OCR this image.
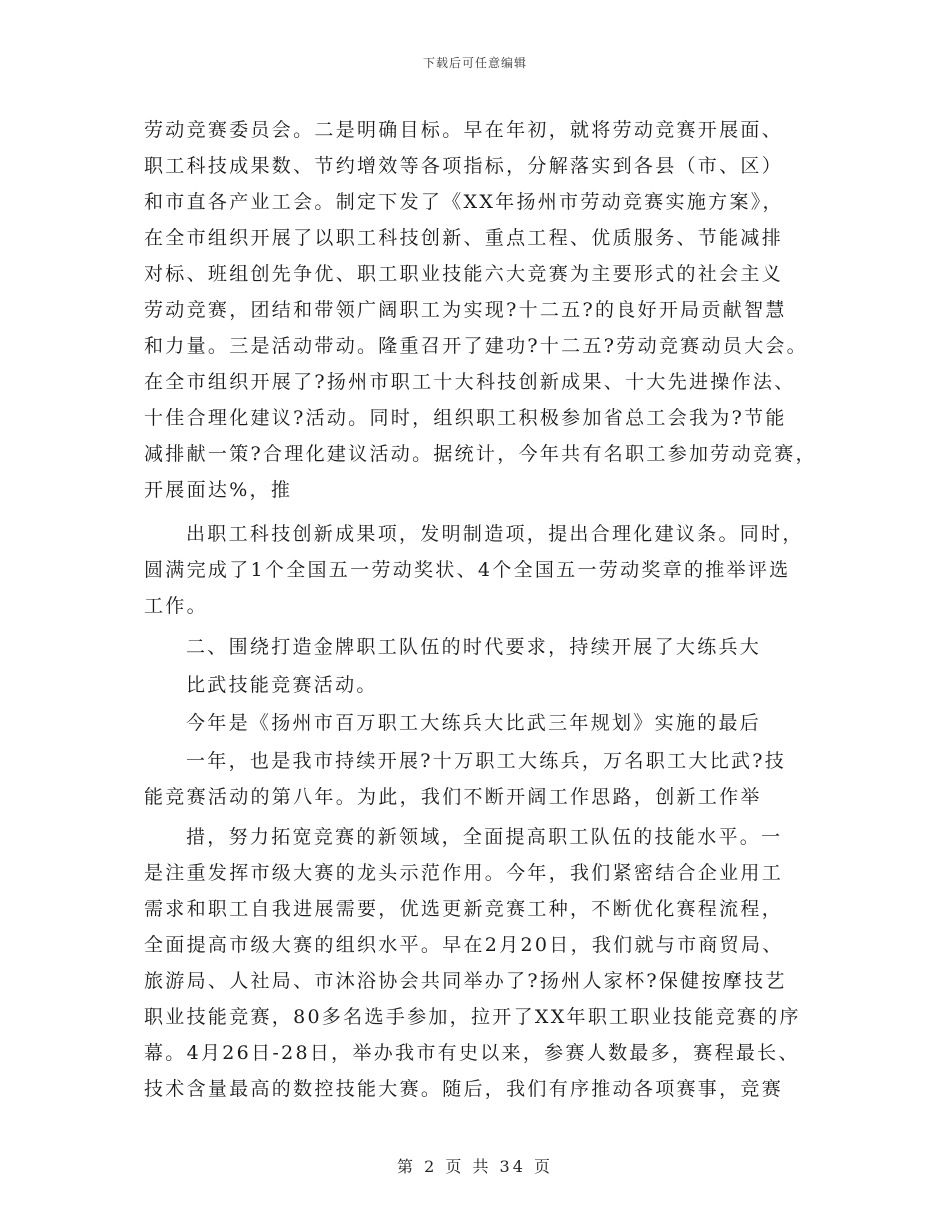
下载后可任意编辑
劳动竞赛委员会。二是明确目标。早在年初，就将劳动竞赛开展面、
职工科技成果数、节约增效等各项指标，分解落实到各县（市、区）
和市直各产业工会。制定下发了《XX年扬州市劳动竞赛实施方案》，
在全市组织开展了以职工科技创新、重点工程、优质服务、节能减排
对标、班组创先争优、职工职业技能六大竞赛为主要形式的社会主义
劳动竞赛，团结和带领广阔职工为实现?十二五?的良好开局贡献智慧
和力量。三是活动带动。隆重召开了建功?十二五?劳动竞赛动员大会。
在全市组织开展了?扬州市职工十大科技创新成果、十大先进操作法、
十佳合理化建议?活动。同时，组织职工积极参加省总工会我为?节能
减排献一策?合理化建议活动。据统计，今年共有名职工参加劳动竞赛，
开展面达%，推
出职工科技创新成果项，发明制造项，提出合理化建议条。同时，
圆满完成了1个全国五一劳动奖状、4个全国五一劳动奖章的推举评选
工作。
二、围绕打造金牌职工队伍的时代要求，持续开展了大练兵大
比武技能竞赛活动。
今年是《扬州市百万职工大练兵大比武三年规划》实施的最后
一年，也是我市持续开展?十万职工大练兵，万名职工大比武?技
能竞赛活动的第八年。为此，我们不断开阔工作思路，创新工作举
措，努力拓宽竞赛的新领域，全面提高职工队伍的技能水平。一
是注重发挥市级大赛的龙头示范作用。今年，我们紧密结合企业用工
需求和职工自我进展需要，优选更新竞赛工种，不断优化赛程流程，
全面提高市级大赛的组织水平。早在2月20日，我们就与市商贸局、
旅游局、人社局、市沐浴协会共同举办了?扬州人家杯?保健按摩技艺
职业技能竞赛，80多名选手参加，拉开了XX年职工职业技能竞赛的序
幕。4月26日-28日，举办我市有史以来，参赛人数最多，赛程最长、
技术含量最高的数控技能大赛。随后，我们有序推动各项赛事，竞赛
第 2 页 共 34 页
